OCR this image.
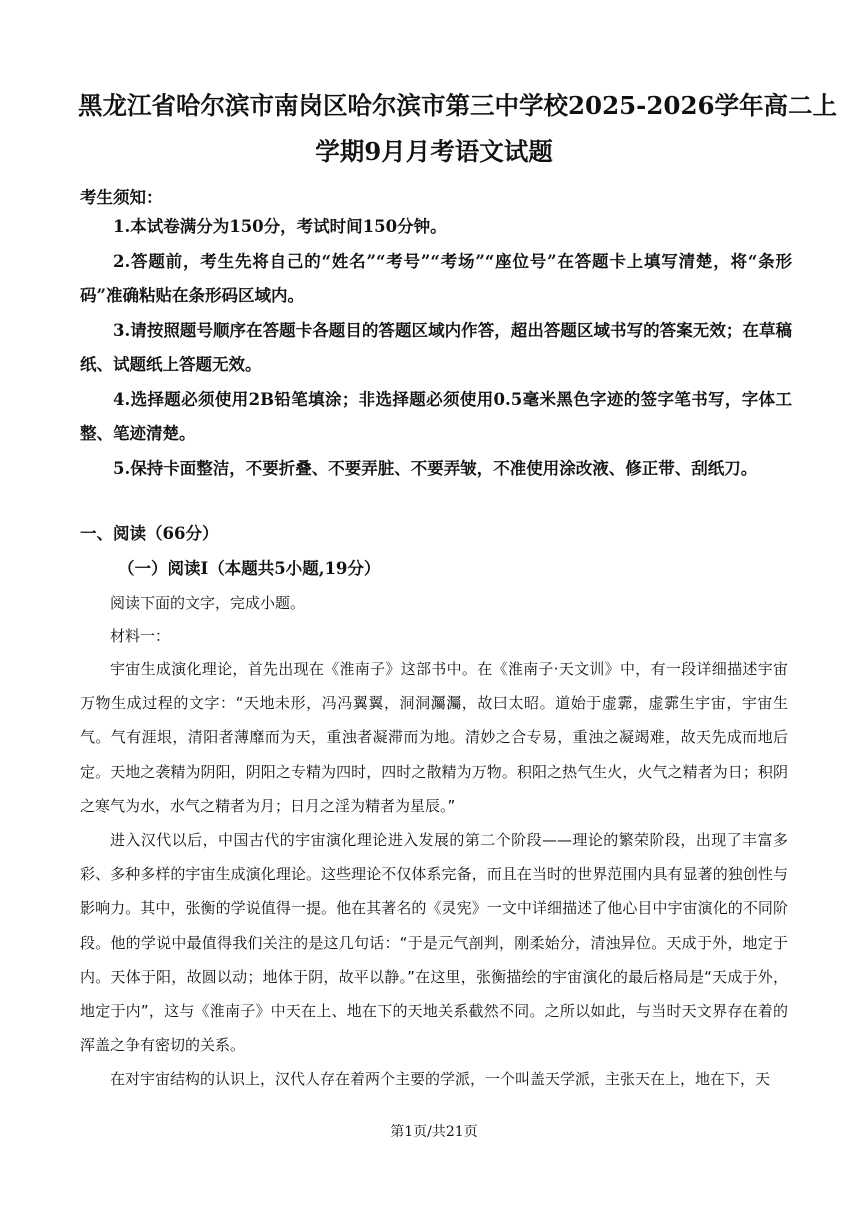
黑龙江省哈尔滨市南岗区哈尔滨市第三中学校2025-2026学年高二上
学期9月月考语文试题
考生须知：

1.本试卷满分为150分，考试时间150分钟。

2.答题前，考生先将自己的“姓名”“考号”“考场”“座位号”在答题卡上填写清楚，将“条形码”准确粘贴在条形码区域内。

3.请按照题号顺序在答题卡各题目的答题区域内作答，超出答题区域书写的答案无效；在草稿纸、试题纸上答题无效。

4.选择题必须使用2B铅笔填涂；非选择题必须使用0.5毫米黑色字迹的签字笔书写，字体工整、笔迹清楚。

5.保持卡面整洁，不要折叠、不要弄脏、不要弄皱，不准使用涂改液、修正带、刮纸刀。

一、阅读（66分）
（一）阅读Ⅰ（本题共5小题,19分）
阅读下面的文字，完成小题。
材料一：

宇宙生成演化理论，首先出现在《淮南子》这部书中。在《淮南子·天文训》中，有一段详细描述宇宙万物生成过程的文字：“天地未形，冯冯翼翼，洞洞灟灟，故曰太昭。道始于虚霩，虚霩生宇宙，宇宙生气。气有涯垠，清阳者薄靡而为天，重浊者凝滞而为地。清妙之合专易，重浊之凝竭难，故天先成而地后定。天地之袭精为阴阳，阴阳之专精为四时，四时之散精为万物。积阳之热气生火，火气之精者为日；积阴之寒气为水，水气之精者为月；日月之淫为精者为星辰。”

进入汉代以后，中国古代的宇宙演化理论进入发展的第二个阶段——理论的繁荣阶段，出现了丰富多彩、多种多样的宇宙生成演化理论。这些理论不仅体系完备，而且在当时的世界范围内具有显著的独创性与影响力。其中，张衡的学说值得一提。他在其著名的《灵宪》一文中详细描述了他心目中宇宙演化的不同阶段。他的学说中最值得我们关注的是这几句话：“于是元气剖判，刚柔始分，清浊异位。天成于外，地定于内。天体于阳，故圆以动；地体于阴，故平以静。”在这里，张衡描绘的宇宙演化的最后格局是“天成于外，地定于内”，这与《淮南子》中天在上、地在下的天地关系截然不同。之所以如此，与当时天文界存在着的浑盖之争有密切的关系。

在对宇宙结构的认识上，汉代人存在着两个主要的学派，一个叫盖天学派，主张天在上，地在下，天

第1页/共21页
